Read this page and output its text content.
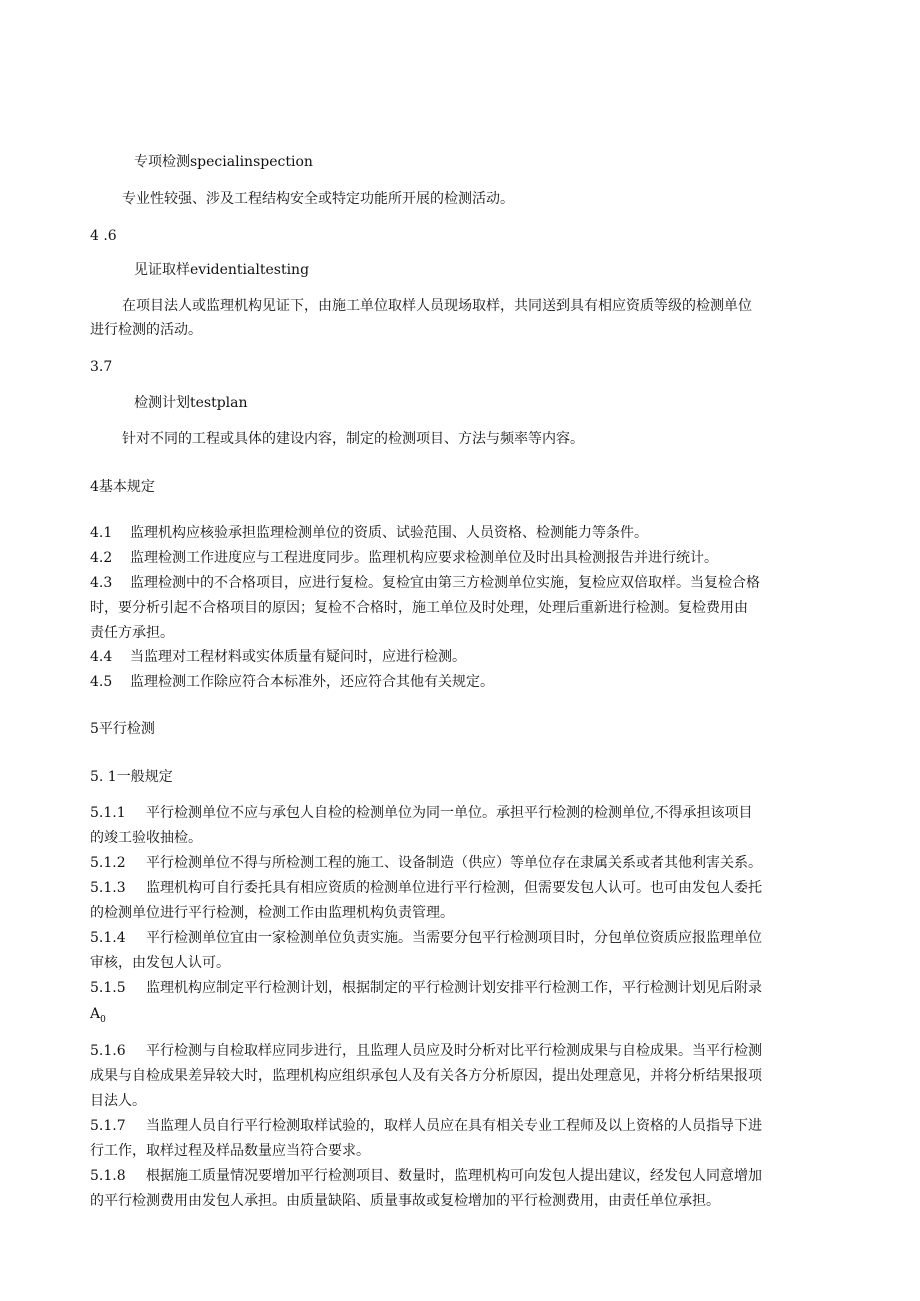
专项检测specialinspection
专业性较强、涉及工程结构安全或特定功能所开展的检测活动。
4 .6
见证取样evidentialtesting
在项目法人或监理机构见证下，由施工单位取样人员现场取样，共同送到具有相应资质等级的检测单位
进行检测的活动。
3.7
检测计划testplan
针对不同的工程或具体的建设内容，制定的检测项目、方法与频率等内容。
4基本规定
4.1 监理机构应核验承担监理检测单位的资质、试验范围、人员资格、检测能力等条件。
4.2 监理检测工作进度应与工程进度同步。监理机构应要求检测单位及时出具检测报告并进行统计。
4.3 监理检测中的不合格项目，应进行复检。复检宜由第三方检测单位实施，复检应双倍取样。当复检合格
时，要分析引起不合格项目的原因；复检不合格时，施工单位及时处理，处理后重新进行检测。复检费用由
责任方承担。
4.4 当监理对工程材料或实体质量有疑问时，应进行检测。
4.5 监理检测工作除应符合本标准外，还应符合其他有关规定。
5平行检测
5. 1一般规定
5.1.1 平行检测单位不应与承包人自检的检测单位为同一单位。承担平行检测的检测单位,不得承担该项目
的竣工验收抽检。
5.1.2 平行检测单位不得与所检测工程的施工、设备制造（供应）等单位存在隶属关系或者其他利害关系。
5.1.3 监理机构可自行委托具有相应资质的检测单位进行平行检测，但需要发包人认可。也可由发包人委托
的检测单位进行平行检测，检测工作由监理机构负责管理。
5.1.4 平行检测单位宜由一家检测单位负责实施。当需要分包平行检测项目时，分包单位资质应报监理单位
审核，由发包人认可。
5.1.5 监理机构应制定平行检测计划，根据制定的平行检测计划安排平行检测工作，平行检测计划见后附录
$A_0$
5.1.6 平行检测与自检取样应同步进行，且监理人员应及时分析对比平行检测成果与自检成果。当平行检测
成果与自检成果差异较大时，监理机构应组织承包人及有关各方分析原因，提出处理意见，并将分析结果报项
目法人。
5.1.7 当监理人员自行平行检测取样试验的，取样人员应在具有相关专业工程师及以上资格的人员指导下进
行工作，取样过程及样品数量应当符合要求。
5.1.8 根据施工质量情况要增加平行检测项目、数量时，监理机构可向发包人提出建议，经发包人同意增加
的平行检测费用由发包人承担。由质量缺陷、质量事故或复检增加的平行检测费用，由责任单位承担。
